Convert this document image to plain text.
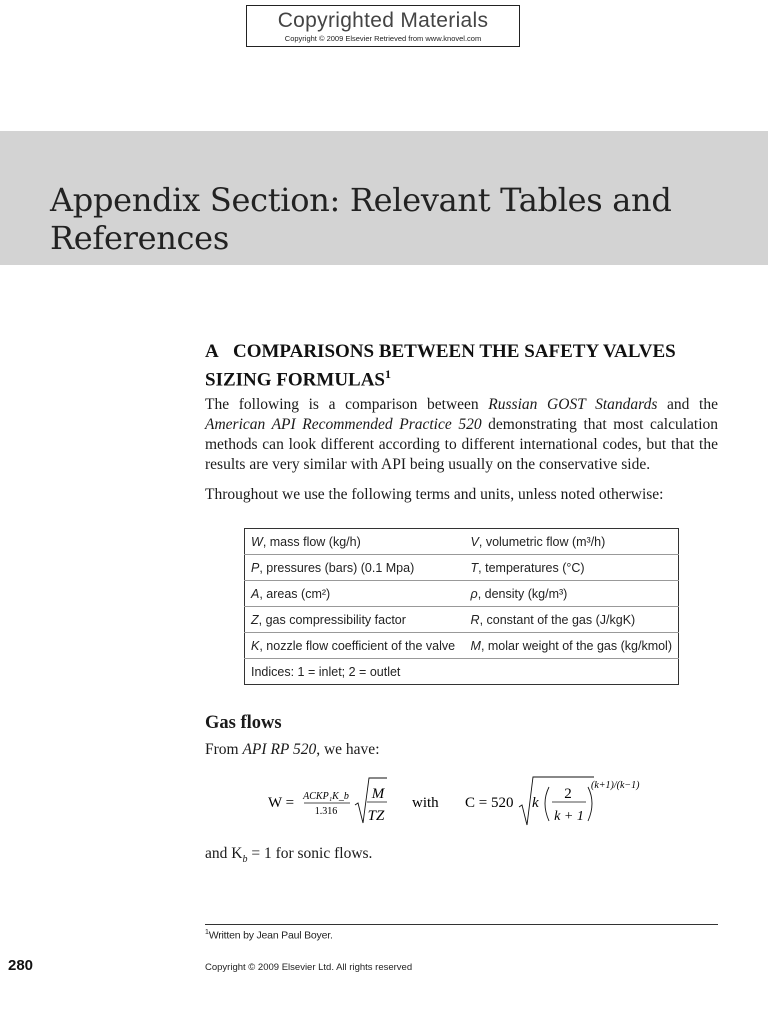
Copyrighted Materials
Copyright © 2009 Elsevier Retrieved from www.knovel.com
Appendix Section: Relevant Tables and References
A COMPARISONS BETWEEN THE SAFETY VALVES SIZING FORMULAS$^1$

The following is a comparison between Russian GOST Standards and the American API Recommended Practice 520 demonstrating that most calculation methods can look different according to different international codes, but that the results are very similar with API being usually on the conservative side.

Throughout we use the following terms and units, unless noted otherwise:

W, mass flow (kg/h)	V, volumetric flow (m³/h)
P, pressures (bars) (0.1 Mpa)	T, temperatures (°C)
A, areas (cm²)	ρ, density (kg/m³)
Z, gas compressibility factor	R, constant of the gas (J/kgK)
K, nozzle flow coefficient of the valve	M, molar weight of the gas (kg/kmol)
Indices: 1 = inlet; 2 = outlet	
Gas flows

From API RP 520, we have:

W = ACKP₁K_b
1.316
M
TZ
with C = 520 k
2
k + 1
(k+1)/(k−1)

and $K_b = 1$ for sonic flows.

$^1$Written by Jean Paul Boyer.
280	Copyright © 2009 Elsevier Ltd. All rights reserved
